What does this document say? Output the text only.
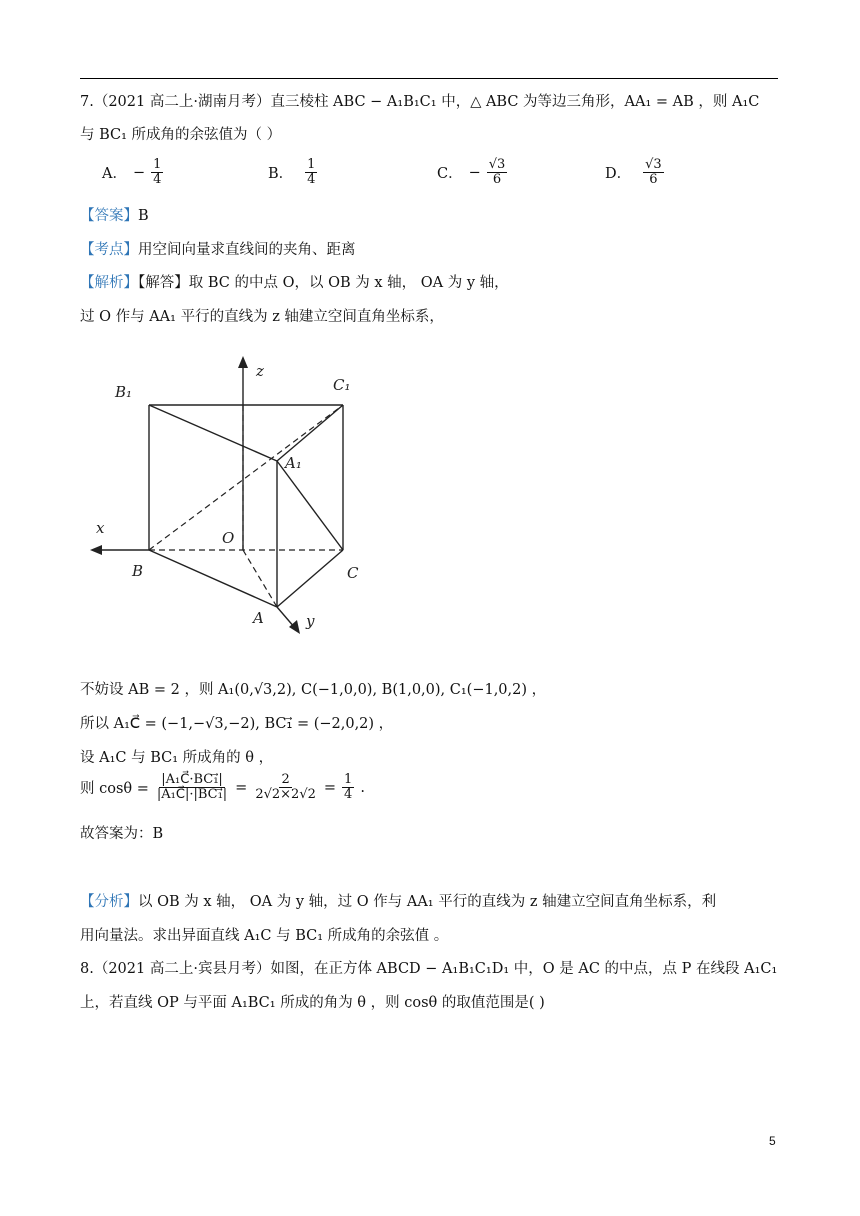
7.（2021 高二上·湖南月考）直三棱柱 ABC − A₁B₁C₁ 中，△ ABC 为等边三角形，AA₁ = AB ，则 A₁C
与 BC₁ 所成角的余弦值为（ ）
A． − $\frac{1}{4}$	B． $\frac{1}{4}$	C． − $\frac{√3}{6}$	D． $\frac{√3}{6}$
【答案】B
【考点】用空间向量求直线间的夹角、距离
【解析】【解答】取 BC 的中点 O，以 OB 为 x 轴， OA 为 y 轴，
过 O 作与 AA₁ 平行的直线为 z 轴建立空间直角坐标系，
B₁	C₁
A₁
z
x
y
O
B	C
A
不妨设 AB = 2 ，则 A₁(0,√3,2), C(−1,0,0), B(1,0,0), C₁(−1,0,2) ，
所以 A₁C⃗ = (−1,−√3,−2), BC₁⃗ = (−2,0,2) ，
设 A₁C 与 BC₁ 所成角的 θ ，
则 $\cos\theta = \frac{\text{|A₁C⃗·BC₁⃗|}}{\text{|A₁C⃗|·|BC₁⃗|}} = \frac{2}{2√2\times 2√2} = \frac{1}{4}$ .
故答案为：B
【分析】以 OB 为 x 轴， OA 为 y 轴，过 O 作与 AA₁ 平行的直线为 z 轴建立空间直角坐标系，利
用向量法。求出异面直线 A₁C 与 BC₁ 所成角的余弦值 。
8.（2021 高二上·宾县月考）如图，在正方体 ABCD − A₁B₁C₁D₁ 中，O 是 AC 的中点，点 P 在线段 A₁C₁
上，若直线 OP 与平面 A₁BC₁ 所成的角为 θ ，则 cosθ 的取值范围是( )
5
